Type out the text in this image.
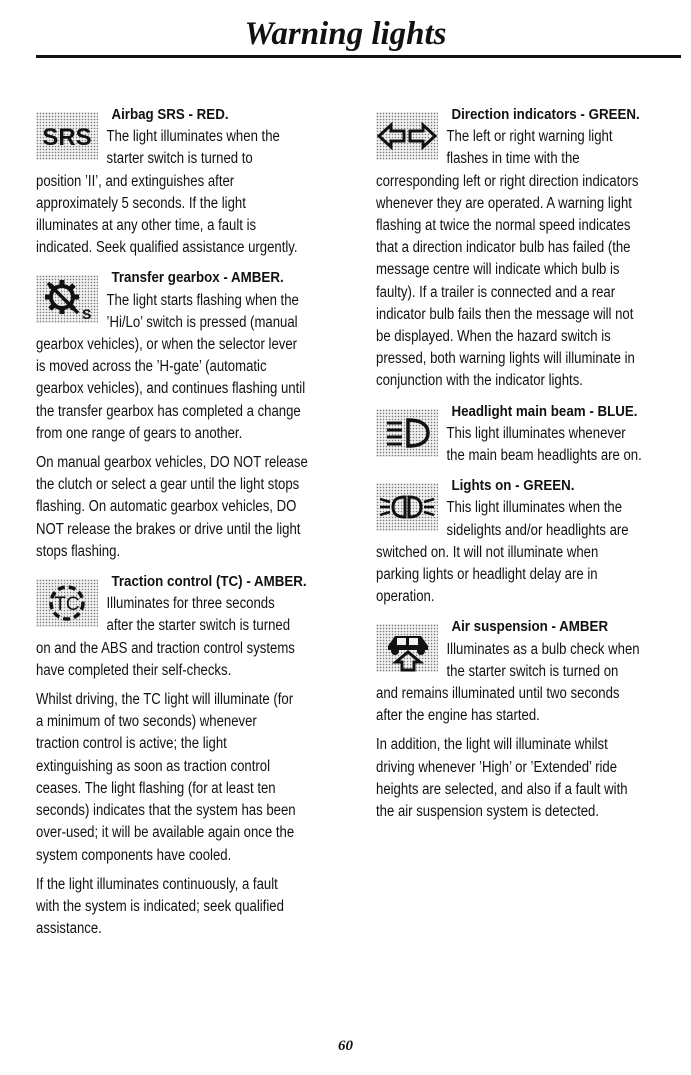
Warning lights
SRS
Airbag SRS - RED.
The light illuminates when the
starter switch is turned to
position ’II’, and extinguishes after
approximately 5 seconds. If the light
illuminates at any other time, a fault is
indicated. Seek qualified assistance urgently.
S
Transfer gearbox - AMBER.
The light starts flashing when the
’Hi/Lo’ switch is pressed (manual
gearbox vehicles), or when the selector lever
is moved across the ’H-gate’ (automatic
gearbox vehicles), and continues flashing until
the transfer gearbox has completed a change
from one range of gears to another.
On manual gearbox vehicles, DO NOT release
the clutch or select a gear until the light stops
flashing. On automatic gearbox vehicles, DO
NOT release the brakes or drive until the light
stops flashing.
TC
Traction control (TC) - AMBER.
Illuminates for three seconds
after the starter switch is turned
on and the ABS and traction control systems
have completed their self-checks.
Whilst driving, the TC light will illuminate (for
a minimum of two seconds) whenever
traction control is active; the light
extinguishing as soon as traction control
ceases. The light flashing (for at least ten
seconds) indicates that the system has been
over-used; it will be available again once the
system components have cooled.
If the light illuminates continuously, a fault
with the system is indicated; seek qualified
assistance.
Direction indicators - GREEN.
The left or right warning light
flashes in time with the
corresponding left or right direction indicators
whenever they are operated. A warning light
flashing at twice the normal speed indicates
that a direction indicator bulb has failed (the
message centre will indicate which bulb is
faulty). If a trailer is connected and a rear
indicator bulb fails then the message will not
be displayed. When the hazard switch is
pressed, both warning lights will illuminate in
conjunction with the indicator lights.
Headlight main beam - BLUE.
This light illuminates whenever
the main beam headlights are on.
Lights on - GREEN.
This light illuminates when the
sidelights and/or headlights are
switched on. It will not illuminate when
parking lights or headlight delay are in
operation.
Air suspension - AMBER
Illuminates as a bulb check when
the starter switch is turned on
and remains illuminated until two seconds
after the engine has started.
In addition, the light will illuminate whilst
driving whenever ’High’ or ’Extended’ ride
heights are selected, and also if a fault with
the air suspension system is detected.
60
